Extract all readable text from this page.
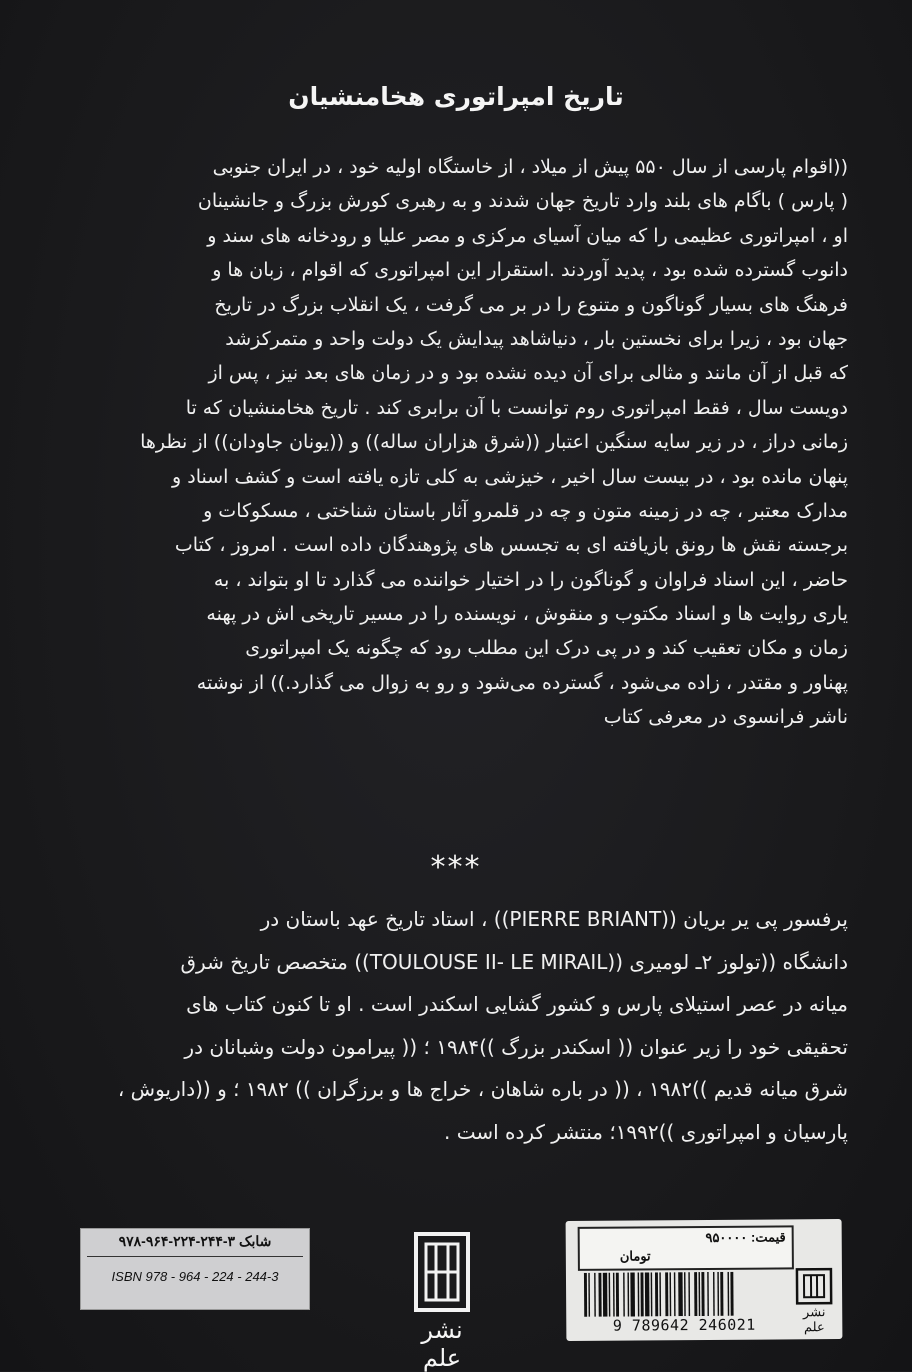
تاریخ امپراتوری هخامنشیان
((اقوام پارسی از سال ۵۵۰ پیش از میلاد ، از خاستگاه اولیه خود ، در ایران جنوبی
( پارس ) باگام های بلند وارد تاریخ جهان شدند و به رهبری کورش بزرگ و جانشینان
او ، امپراتوری عظیمی را که میان آسیای مرکزی و مصر علیا و رودخانه های سند و
دانوب گسترده شده بود ، پدید آوردند .استقرار این امپراتوری که اقوام ، زبان ها و
فرهنگ های بسیار گوناگون و متنوع را در بر می گرفت ، یک انقلاب بزرگ در تاریخ
جهان بود ، زیرا برای نخستین بار ، دنیاشاهد پیدایش یک دولت واحد و متمرکزشد
که قبل از آن مانند و مثالی برای آن دیده نشده بود و در زمان های بعد نیز ، پس از
دویست سال ، فقط امپراتوری روم توانست با آن برابری کند . تاریخ هخامنشیان که تا
زمانی دراز ، در زیر سایه سنگین اعتبار ((شرق هزاران ساله)) و ((یونان جاودان)) از نظرها
پنهان مانده بود ، در بیست سال اخیر ، خیزشی به کلی تازه یافته است و کشف اسناد و
مدارک معتبر ، چه در زمینه متون و چه در قلمرو آثار باستان شناختی ، مسکوکات و
برجسته نقش ها رونق بازیافته ای به تجسس های پژوهندگان داده است . امروز ، کتاب
حاضر ، این اسناد فراوان و گوناگون را در اختیار خواننده می گذارد تا او بتواند ، به
یاری روایت ها و اسناد مکتوب و منقوش ، نویسنده را در مسیر تاریخی اش در پهنه
زمان و مکان تعقیب کند و در پی درک این مطلب رود که چگونه یک امپراتوری
پهناور و مقتدر ، زاده می‌شود ، گسترده می‌شود و رو به زوال می گذارد.)) از نوشته
ناشر فرانسوی در معرفی کتاب
***
پرفسور پی یر بریان ((PIERRE BRIANT)) ، استاد تاریخ عهد باستان در
دانشگاه ((تولوز ۲ـ لومیری ((TOULOUSE II- LE MIRAIL)) متخصص تاریخ شرق
میانه در عصر استیلای پارس و کشور گشایی اسکندر است . او تا کنون کتاب های
تحقیقی خود را زیر عنوان (( اسکندر بزرگ ))۱۹۸۴ ؛ (( پیرامون دولت وشبانان در
شرق میانه قدیم ))۱۹۸۲ ، (( در باره شاهان ، خراج ها و برزگران )) ۱۹۸۲ ؛ و ((داریوش ،
پارسیان و امپراتوری ))۱۹۹۲؛ منتشر کرده است .
شابک ۳-۲۴۴-۲۲۴-۹۶۴-۹۷۸
ISBN 978 - 964 - 224 - 244-3
نشر علم
قیمت: ۹۵۰۰۰۰
تومان
9 789642 246021
نشر علم
